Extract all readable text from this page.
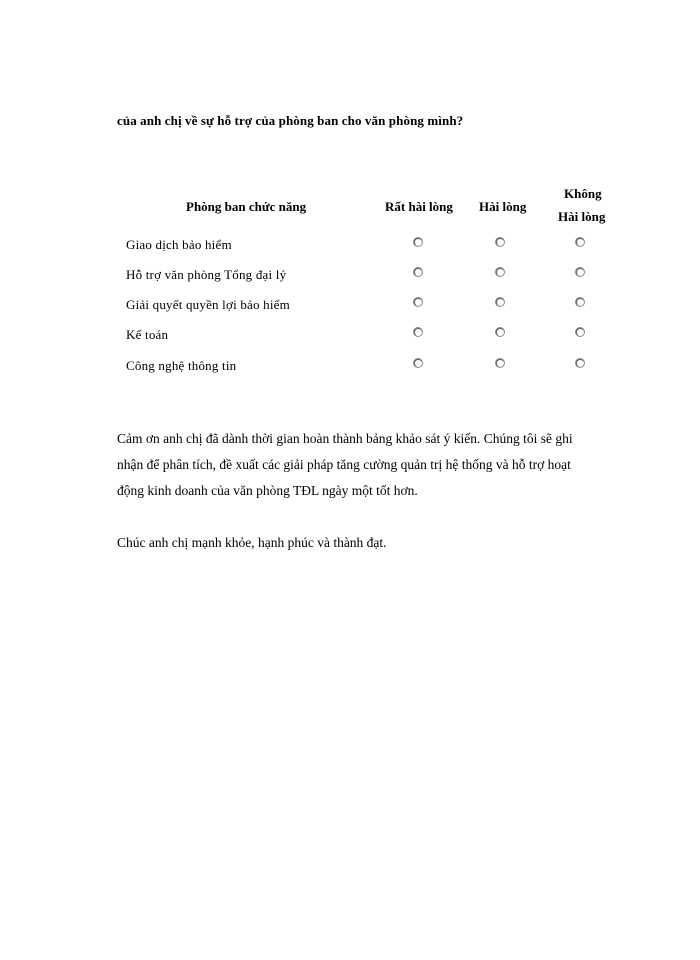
của anh chị về sự hỗ trợ của phòng ban cho văn phòng mình?
Phòng ban chức năng	Rất hài lòng Hài lòng
Không
Hài lòng
Giao dịch bảo hiểm
Hỗ trợ văn phòng Tổng đại lý
Giải quyết quyền lợi bảo hiểm
Kế toán
Công nghệ thông tin
Cảm ơn anh chị đã dành thời gian hoàn thành bảng khảo sát ý kiến. Chúng tôi sẽ ghi
nhận để phân tích, đề xuất các giải pháp tăng cường quản trị hệ thống và hỗ trợ hoạt
động kinh doanh của văn phòng TĐL ngày một tốt hơn.
Chúc anh chị mạnh khỏe, hạnh phúc và thành đạt.
